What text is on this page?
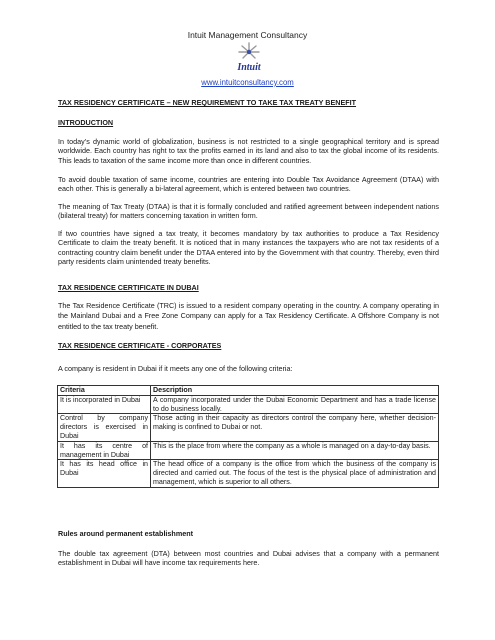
Intuit Management Consultancy
Intuit
www.intuitconsultancy.com
TAX RESIDENCY CERTIFICATE – NEW REQUIREMENT TO TAKE TAX TREATY BENEFIT
INTRODUCTION

In today’s dynamic world of globalization, business is not restricted to a single geographical territory and is spread worldwide. Each country has right to tax the profits earned in its land and also to tax the global income of its residents. This leads to taxation of the same income more than once in different countries.

To avoid double taxation of same income, countries are entering into Double Tax Avoidance Agreement (DTAA) with each other. This is generally a bi-lateral agreement, which is entered between two countries.

The meaning of Tax Treaty (DTAA) is that it is formally concluded and ratified agreement between independent nations (bilateral treaty) for matters concerning taxation in written form.

If two countries have signed a tax treaty, it becomes mandatory by tax authorities to produce a Tax Residency Certificate to claim the treaty benefit. It is noticed that in many instances the taxpayers who are not tax residents of a contracting country claim benefit under the DTAA entered into by the Government with that country. Thereby, even third party residents claim unintended treaty benefits.

TAX RESIDENCE CERTIFICATE IN DUBAI

The Tax Residence Certificate (TRC) is issued to a resident company operating in the country. A company operating in the Mainland Dubai and a Free Zone Company can apply for a Tax Residency Certificate. A Offshore Company is not entitled to the tax treaty benefit.

TAX RESIDENCE CERTIFICATE - CORPORATES

A company is resident in Dubai if it meets any one of the following criteria:

Criteria	Description
It is incorporated in Dubai	A company incorporated under the Dubai Economic Department and has a trade license to do business locally.
Control by company directors is exercised in Dubai	Those acting in their capacity as directors control the company here, whether decision-making is confined to Dubai or not.
It has its centre of management in Dubai	This is the place from where the company as a whole is managed on a day-to-day basis.
It has its head office in Dubai	The head office of a company is the office from which the business of the company is directed and carried out. The focus of the test is the physical place of administration and management, which is superior to all others.
Rules around permanent establishment

The double tax agreement (DTA) between most countries and Dubai advises that a company with a permanent establishment in Dubai will have income tax requirements here.
